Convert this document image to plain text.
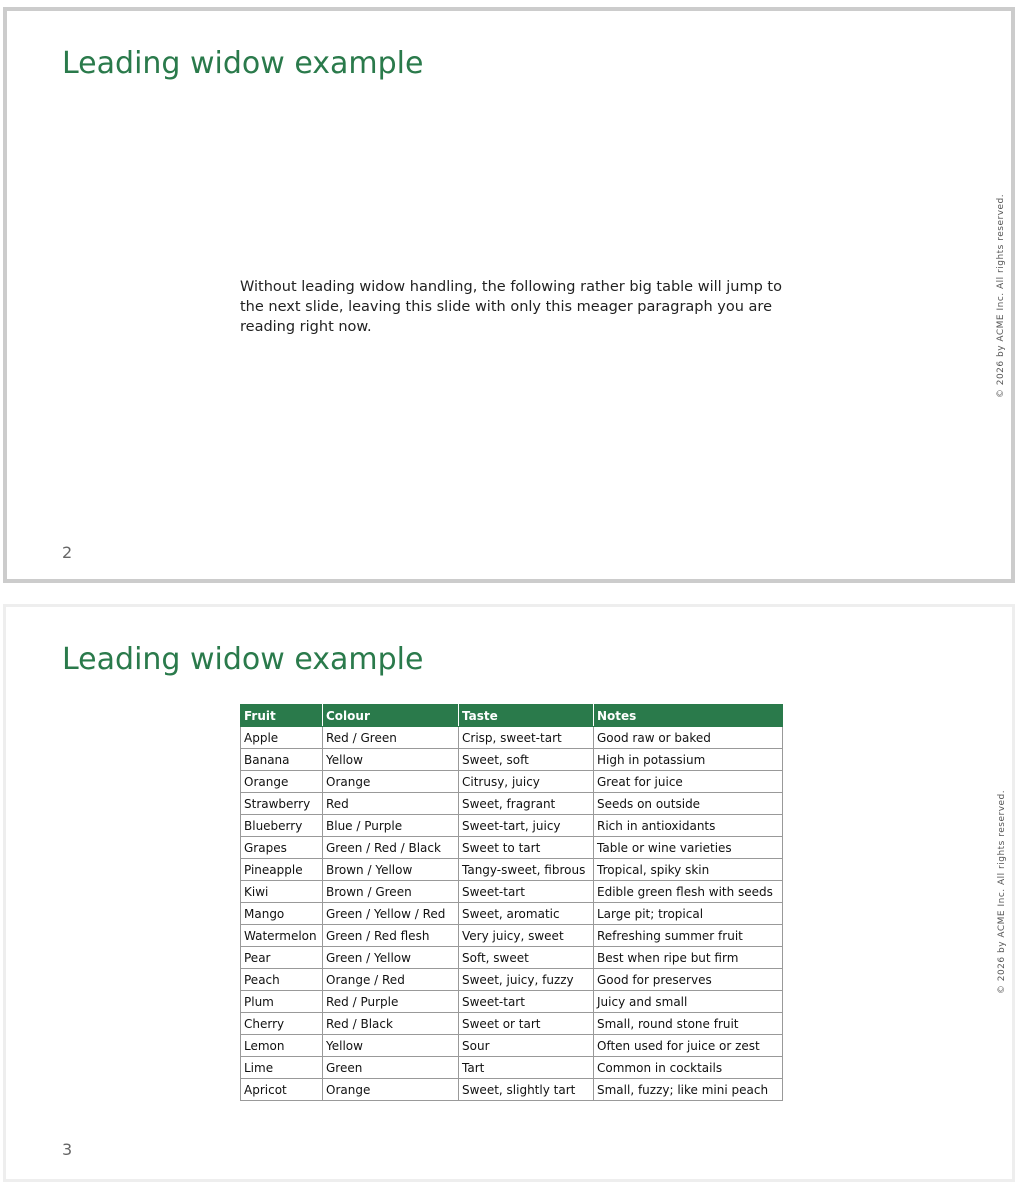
Leading widow example

Without leading widow handling, the following rather big table will jump to the next slide, leaving this slide with only this meager paragraph you are reading right now.	© 2026 by ACME Inc. All rights reserved.
2
Leading widow example
Fruit	Colour	Taste	Notes
Apple	Red / Green	Crisp, sweet-tart	Good raw or baked
Banana	Yellow	Sweet, soft	High in potassium
Orange	Orange	Citrusy, juicy	Great for juice
Strawberry	Red	Sweet, fragrant	Seeds on outside
Blueberry	Blue / Purple	Sweet-tart, juicy	Rich in antioxidants
Grapes	Green / Red / Black	Sweet to tart	Table or wine varieties
Pineapple	Brown / Yellow	Tangy-sweet, fibrous	Tropical, spiky skin
Kiwi	Brown / Green	Sweet-tart	Edible green flesh with seeds
Mango	Green / Yellow / Red	Sweet, aromatic	Large pit; tropical
Watermelon	Green / Red flesh	Very juicy, sweet	Refreshing summer fruit
Pear	Green / Yellow	Soft, sweet	Best when ripe but firm
Peach	Orange / Red	Sweet, juicy, fuzzy	Good for preserves
Plum	Red / Purple	Sweet-tart	Juicy and small
Cherry	Red / Black	Sweet or tart	Small, round stone fruit
Lemon	Yellow	Sour	Often used for juice or zest
Lime	Green	Tart	Common in cocktails
Apricot	Orange	Sweet, slightly tart	Small, fuzzy; like mini peach
© 2026 by ACME Inc. All rights reserved.
3
